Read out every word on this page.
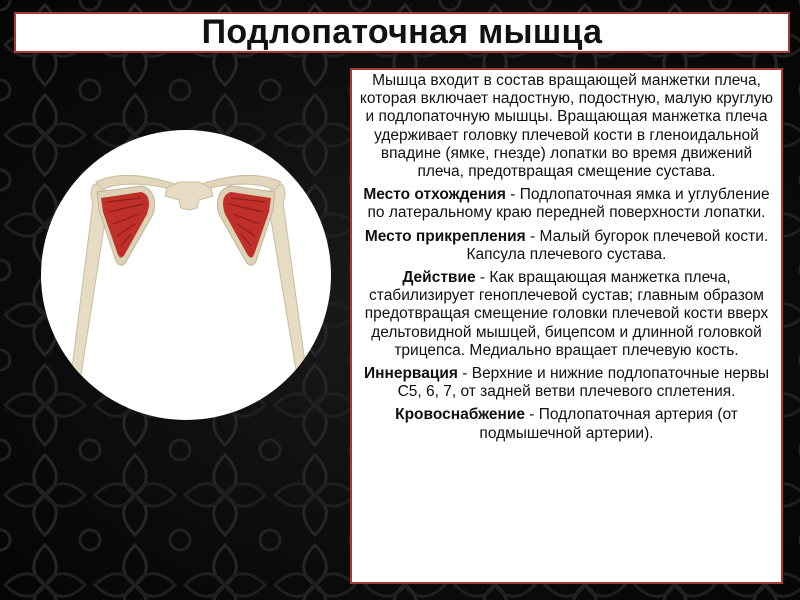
Подлопаточная мышца

Мышца входит в состав вращающей манжетки плеча, которая включает надостную, подостную, малую круглую и подлопаточную мышцы. Вращающая манжетка плеча удерживает головку плечевой кости в гленоидальной впадине (ямке, гнезде) лопатки во время движений плеча, предотвращая смещение сустава.

Место отхождения - Подлопаточная ямка и углубление по латеральному краю передней поверхности лопатки.

Место прикрепления - Малый бугорок плечевой кости. Капсула плечевого сустава.

Действие - Как вращающая манжетка плеча, стабилизирует геноплечевой сустав; главным образом предотвращая смещение головки плечевой кости вверх дельтовидной мышцей, бицепсом и длинной головкой трицепса. Медиально вращает плечевую кость.

Иннервация - Верхние и нижние подлопаточные нервы C5, 6, 7, от задней ветви плечевого сплетения.

Кровоснабжение - Подлопаточная артерия (от подмышечной артерии).
